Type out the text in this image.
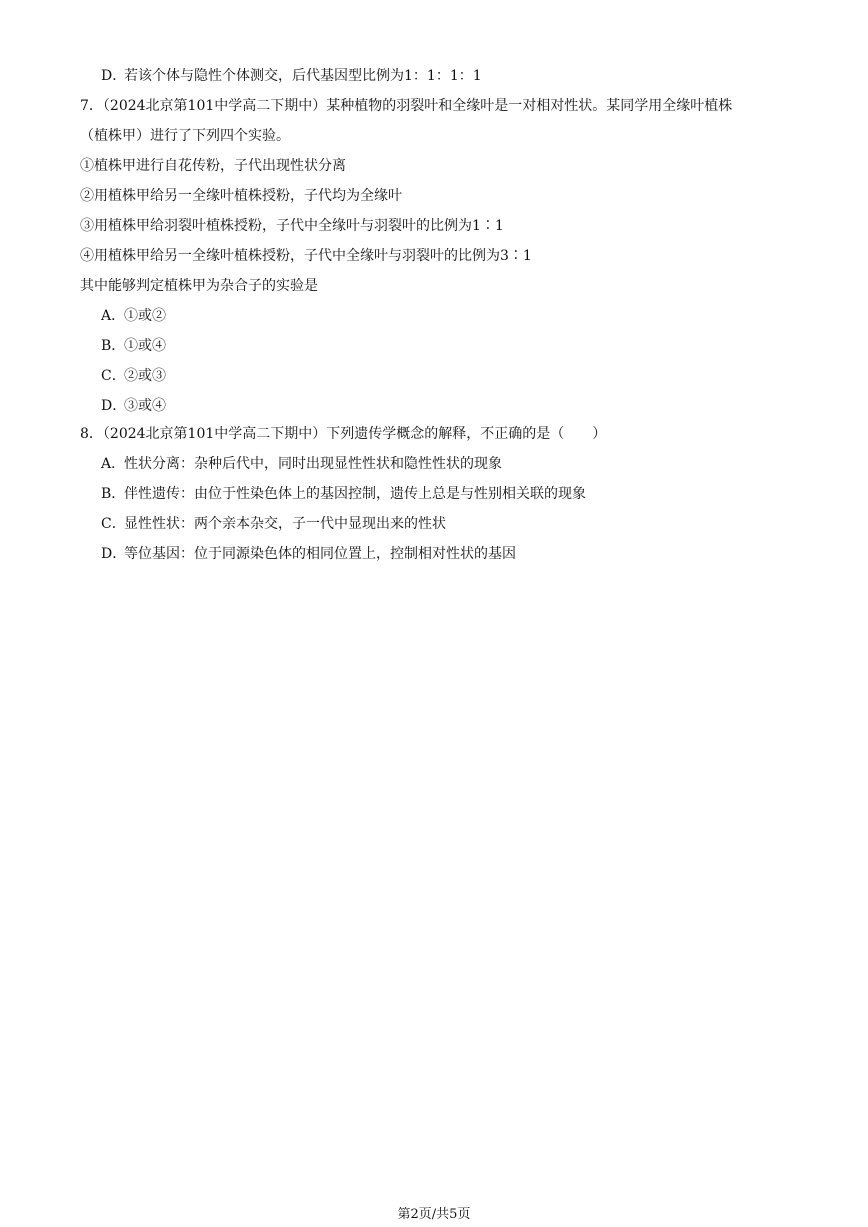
D．若该个体与隐性个体测交，后代基因型比例为1：1：1：1
7．（2024北京第101中学高二下期中）某种植物的羽裂叶和全缘叶是一对相对性状。某同学用全缘叶植株
（植株甲）进行了下列四个实验。
①植株甲进行自花传粉，子代出现性状分离
②用植株甲给另一全缘叶植株授粉，子代均为全缘叶
③用植株甲给羽裂叶植株授粉，子代中全缘叶与羽裂叶的比例为1∶1
④用植株甲给另一全缘叶植株授粉，子代中全缘叶与羽裂叶的比例为3∶1
其中能够判定植株甲为杂合子的实验是
A．①或②
B．①或④
C．②或③
D．③或④
8．（2024北京第101中学高二下期中）下列遗传学概念的解释，不正确的是（　　）
A．性状分离：杂种后代中，同时出现显性性状和隐性性状的现象
B．伴性遗传：由位于性染色体上的基因控制，遗传上总是与性别相关联的现象
C．显性性状：两个亲本杂交，子一代中显现出来的性状
D．等位基因：位于同源染色体的相同位置上，控制相对性状的基因
第2页/共5页
